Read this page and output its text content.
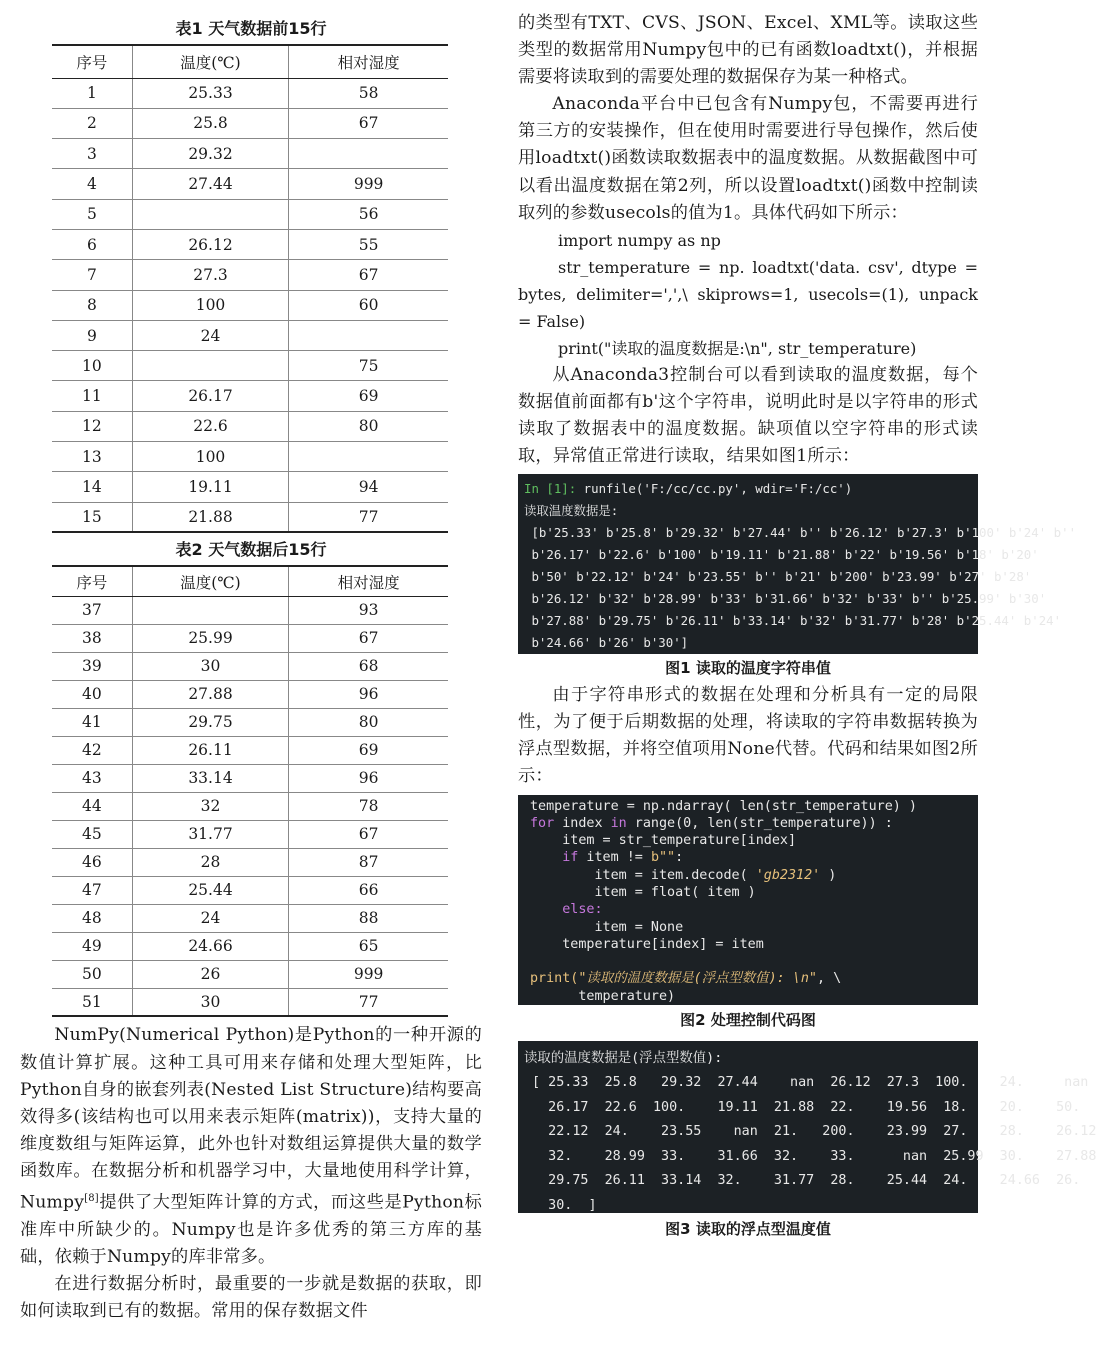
表1 天气数据前15行
序号	温度(℃)	相对湿度
1	25.33	58
2	25.8	67
3	29.32	
4	27.44	999
5		56
6	26.12	55
7	27.3	67
8	100	60
9	24	
10		75
11	26.17	69
12	22.6	80
13	100	
14	19.11	94
15	21.88	77
表2 天气数据后15行
序号	温度(℃)	相对湿度
37		93
38	25.99	67
39	30	68
40	27.88	96
41	29.75	80
42	26.11	69
43	33.14	96
44	32	78
45	31.77	67
46	28	87
47	25.44	66
48	24	88
49	24.66	65
50	26	999
51	30	77
NumPy(Numerical Python)是Python的一种开源的数值计算扩展。这种工具可用来存储和处理大型矩阵，比Python自身的嵌套列表(Nested List Structure)结构要高效得多(该结构也可以用来表示矩阵(matrix))，支持大量的维度数组与矩阵运算，此外也针对数组运算提供大量的数学函数库。在数据分析和机器学习中，大量地使用科学计算，Numpy[8]提供了大型矩阵计算的方式，而这些是Python标准库中所缺少的。Numpy也是许多优秀的第三方库的基础，依赖于Numpy的库非常多。
在进行数据分析时，最重要的一步就是数据的获取，即如何读取到已有的数据。常用的保存数据文件
的类型有TXT、CVS、JSON、Excel、XML等。读取这些类型的数据常用Numpy包中的已有函数loadtxt()，并根据需要将读取到的需要处理的数据保存为某一种格式。
Anaconda平台中已包含有Numpy包，不需要再进行第三方的安装操作，但在使用时需要进行导包操作，然后使用loadtxt()函数读取数据表中的温度数据。从数据截图中可以看出温度数据在第2列，所以设置loadtxt()函数中控制读取列的参数usecols的值为1。具体代码如下所示：
import numpy as np
str_temperature = np. loadtxt('data. csv', dtype = bytes, delimiter=',',\ skiprows=1, usecols=(1), unpack = False)
print("读取的温度数据是:\n", str_temperature)
从Anaconda3控制台可以看到读取的温度数据，每个数据值前面都有b'这个字符串，说明此时是以字符串的形式读取了数据表中的温度数据。缺项值以空字符串的形式读取，异常值正常进行读取，结果如图1所示：
In [1]: runfile('F:/cc/cc.py', wdir='F:/cc')
读取温度数据是:
[b'25.33' b'25.8' b'29.32' b'27.44' b'' b'26.12' b'27.3' b'100' b'24' b''
b'26.17' b'22.6' b'100' b'19.11' b'21.88' b'22' b'19.56' b'18' b'20'
b'50' b'22.12' b'24' b'23.55' b'' b'21' b'200' b'23.99' b'27' b'28'
b'26.12' b'32' b'28.99' b'33' b'31.66' b'32' b'33' b'' b'25.99' b'30'
b'27.88' b'29.75' b'26.11' b'33.14' b'32' b'31.77' b'28' b'25.44' b'24'
b'24.66' b'26' b'30']
图1 读取的温度字符串值
由于字符串形式的数据在处理和分析具有一定的局限性，为了便于后期数据的处理，将读取的字符串数据转换为浮点型数据，并将空值项用None代替。代码和结果如图2所示：
temperature = np.ndarray( len(str_temperature) )
for index in range(0, len(str_temperature)) :
item = str_temperature[index]
if item != b"":
item = item.decode( 'gb2312' )
item = float( item )
else:
item = None
temperature[index] = item

print("读取的温度数据是(浮点型数值): \n", \
temperature)
图2 处理控制代码图
读取的温度数据是(浮点型数值):
[ 25.33  25.8   29.32  27.44    nan  26.12  27.3  100.    24.     nan
26.17  22.6  100.    19.11  21.88  22.    19.56  18.    20.    50.
22.12  24.    23.55    nan  21.   200.    23.99  27.    28.    26.12
32.    28.99  33.    31.66  32.    33.      nan  25.99  30.    27.88
29.75  26.11  33.14  32.    31.77  28.    25.44  24.    24.66  26.
30.  ]
图3 读取的浮点型温度值
